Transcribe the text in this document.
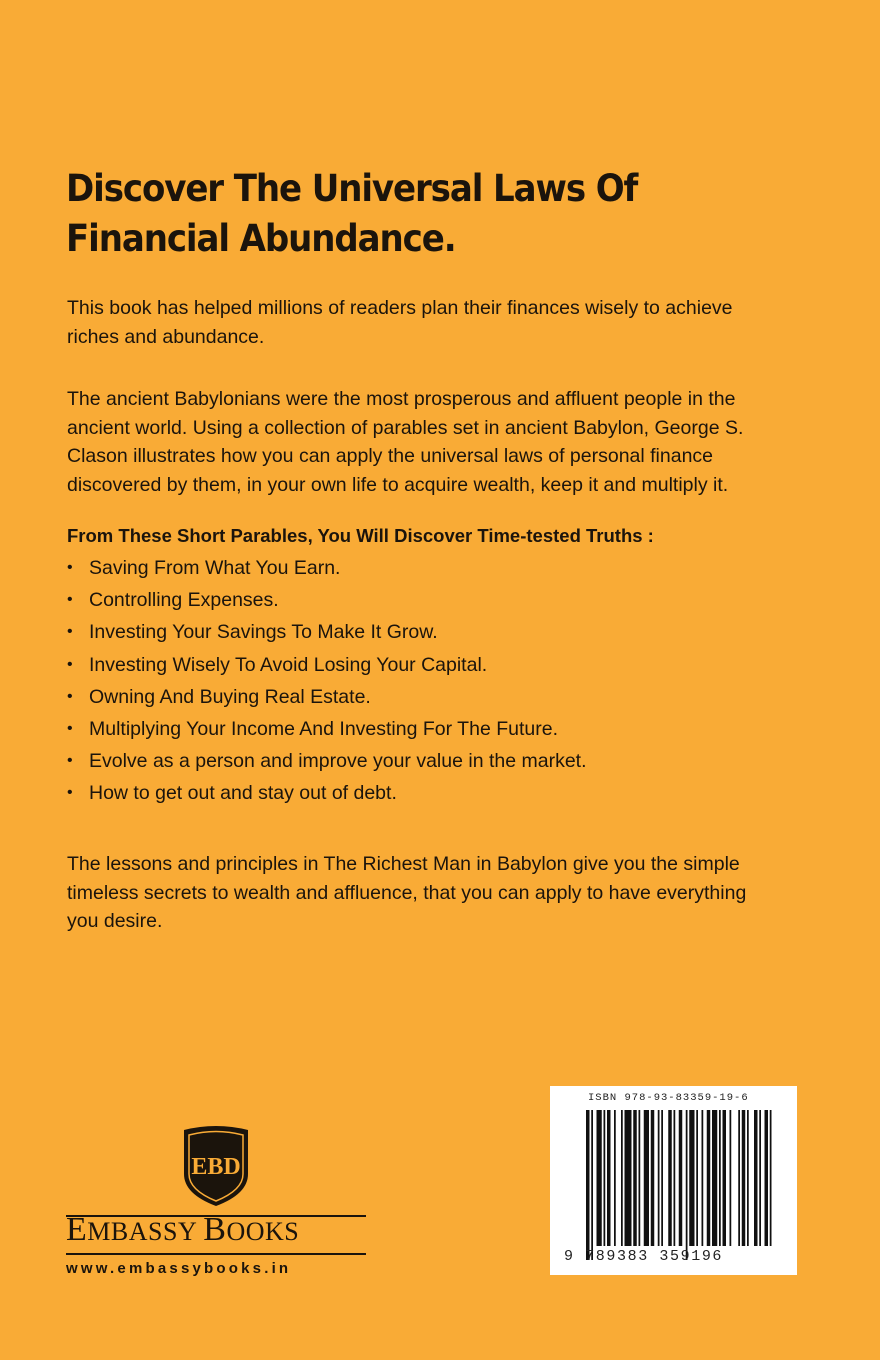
Discover The Universal Laws Of
Financial Abundance.
This book has helped millions of readers plan their finances wisely to achieve
riches and abundance.
The ancient Babylonians were the most prosperous and affluent people in the
ancient world. Using a collection of parables set in ancient Babylon, George S.
Clason illustrates how you can apply the universal laws of personal finance
discovered by them, in your own life to acquire wealth, keep it and multiply it.
From These Short Parables, You Will Discover Time-tested Truths :
• Saving From What You Earn.
• Controlling Expenses.
• Investing Your Savings To Make It Grow.
• Investing Wisely To Avoid Losing Your Capital.
• Owning And Buying Real Estate.
• Multiplying Your Income And Investing For The Future.
• Evolve as a person and improve your value in the market.
• How to get out and stay out of debt.
The lessons and principles in The Richest Man in Babylon give you the simple
timeless secrets to wealth and affluence, that you can apply to have everything
you desire.
EBD
EMBASSY BOOKS
www.embassybooks.in
ISBN 978-93-83359-19-6
9 789383 359196
